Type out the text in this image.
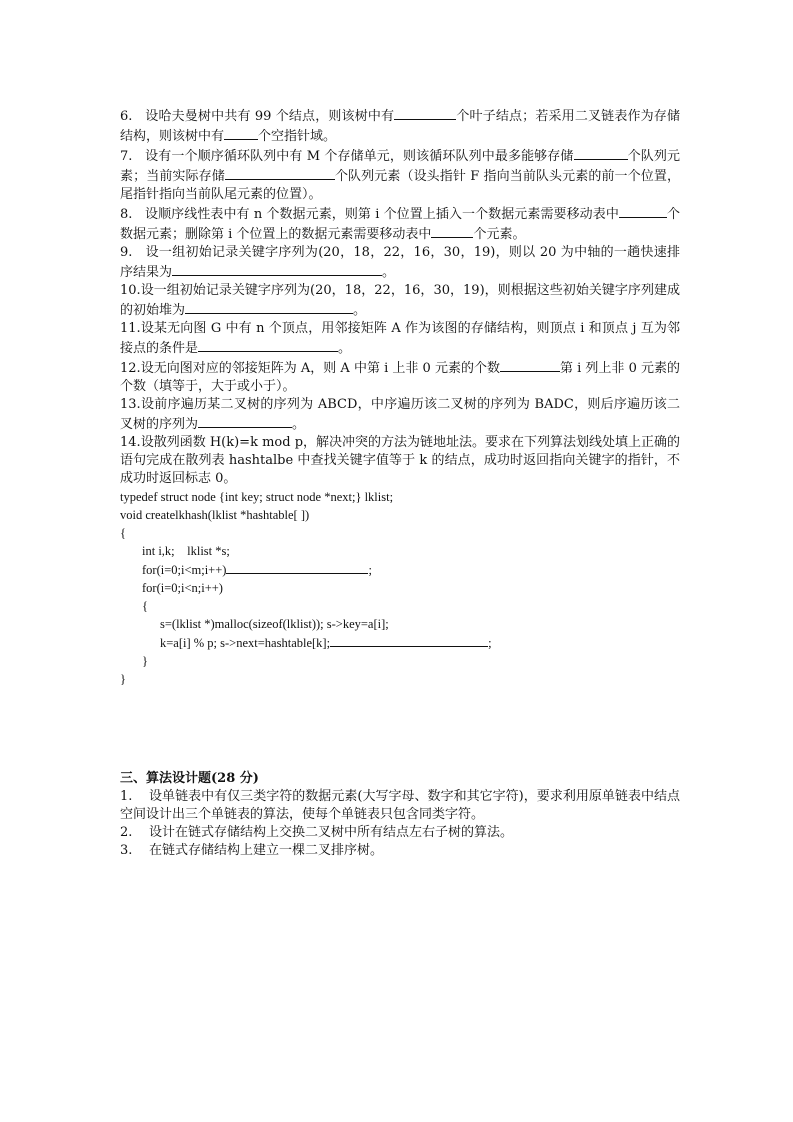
6. 设哈夫曼树中共有 99 个结点，则该树中有	个叶子结点；若采用二叉链表作为存储结构，则该树中有	个空指针域。

7. 设有一个顺序循环队列中有 M 个存储单元，则该循环队列中最多能够存储	个队列元素；当前实际存储	个队列元素（设头指针 F 指向当前队头元素的前一个位置，尾指针指向当前队尾元素的位置）。

8. 设顺序线性表中有 n 个数据元素，则第 i 个位置上插入一个数据元素需要移动表中	个数据元素；删除第 i 个位置上的数据元素需要移动表中	个元素。

9. 设一组初始记录关键字序列为(20，18，22，16，30，19)，则以 20 为中轴的一趟快速排序结果为	。

10.设一组初始记录关键字序列为(20，18，22，16，30，19)，则根据这些初始关键字序列建成的初始堆为	。

11.设某无向图 G 中有 n 个顶点，用邻接矩阵 A 作为该图的存储结构，则顶点 i 和顶点 j 互为邻接点的条件是	。

12.设无向图对应的邻接矩阵为 A，则 A 中第 i 上非 0 元素的个数	第 i 列上非 0 元素的个数（填等于，大于或小于）。

13.设前序遍历某二叉树的序列为 ABCD，中序遍历该二叉树的序列为 BADC，则后序遍历该二叉树的序列为	。

14.设散列函数 H(k)=k mod p，解决冲突的方法为链地址法。要求在下列算法划线处填上正确的语句完成在散列表 hashtalbe 中查找关键字值等于 k 的结点，成功时返回指向关键字的指针，不成功时返回标志 0。

typedef struct node {int key; struct node *next;} lklist;

void createlkhash(lklist *hashtable[ ])

{

int i,k;    lklist *s;

for(i=0;i<m;i++)	;

for(i=0;i<n;i++)

{

s=(lklist *)malloc(sizeof(lklist)); s->key=a[i];

k=a[i] % p; s->next=hashtable[k];	;

}

}

三、算法设计题(28 分)

1. 设单链表中有仅三类字符的数据元素(大写字母、数字和其它字符)，要求利用原单链表中结点空间设计出三个单链表的算法，使每个单链表只包含同类字符。

2. 设计在链式存储结构上交换二叉树中所有结点左右子树的算法。

3. 在链式存储结构上建立一棵二叉排序树。
